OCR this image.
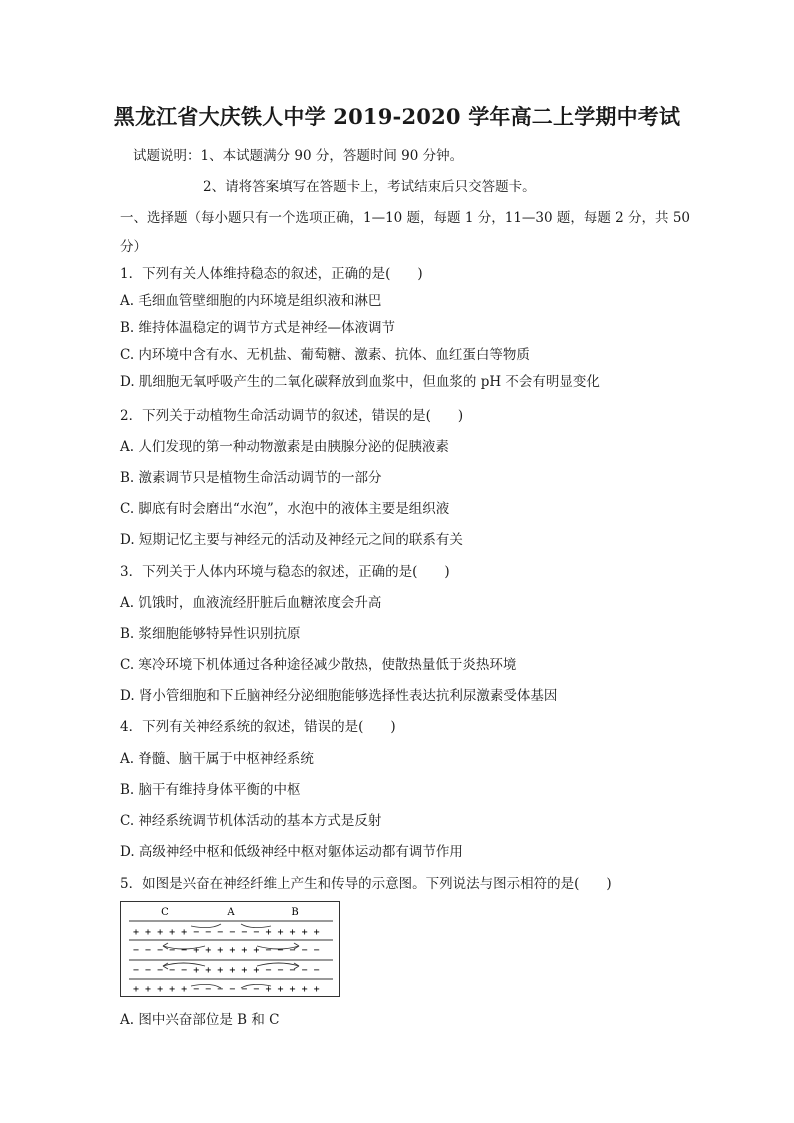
黑龙江省大庆铁人中学 2019-2020 学年高二上学期中考试
试题说明：1、本试题满分 90 分，答题时间 90 分钟。
2、请将答案填写在答题卡上，考试结束后只交答题卡。
一、选择题（每小题只有一个选项正确，1—10 题，每题 1 分，11—30 题，每题 2 分，共 50
分）
1．下列有关人体维持稳态的叙述，正确的是(　　)
A. 毛细血管壁细胞的内环境是组织液和淋巴
B. 维持体温稳定的调节方式是神经—体液调节
C. 内环境中含有水、无机盐、葡萄糖、激素、抗体、血红蛋白等物质
D. 肌细胞无氧呼吸产生的二氧化碳释放到血浆中，但血浆的 pH 不会有明显变化
2．下列关于动植物生命活动调节的叙述，错误的是(　　)
A. 人们发现的第一种动物激素是由胰腺分泌的促胰液素
B. 激素调节只是植物生命活动调节的一部分
C. 脚底有时会磨出“水泡”，水泡中的液体主要是组织液
D. 短期记忆主要与神经元的活动及神经元之间的联系有关
3．下列关于人体内环境与稳态的叙述，正确的是(　　)
A. 饥饿时，血液流经肝脏后血糖浓度会升高
B. 浆细胞能够特异性识别抗原
C. 寒冷环境下机体通过各种途径减少散热，使散热量低于炎热环境
D. 肾小管细胞和下丘脑神经分泌细胞能够选择性表达抗利尿激素受体基因
4．下列有关神经系统的叙述，错误的是(　　)
A. 脊髓、脑干属于中枢神经系统
B. 脑干有维持身体平衡的中枢
C. 神经系统调节机体活动的基本方式是反射
D. 高级神经中枢和低级神经中枢对躯体运动都有调节作用
5．如图是兴奋在神经纤维上产生和传导的示意图。下列说法与图示相符的是(　　)
C	A	B
+ + + + + − − − − − − + + + + +
− − − − − + + + + + + − − − − −
− − − − − + + + + + + − − − − −
+ + + + + − − − − − − + + + + +
A. 图中兴奋部位是 B 和 C
